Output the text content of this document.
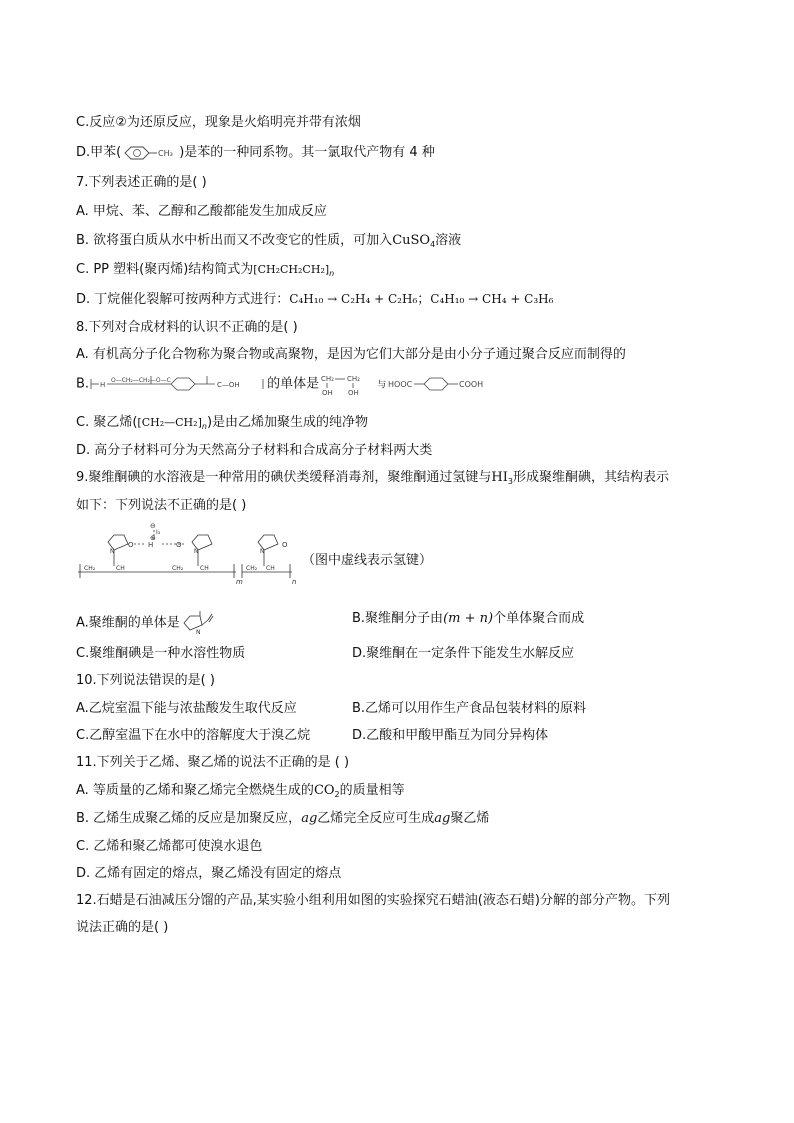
C.反应②为还原反应，现象是火焰明亮并带有浓烟
D.甲苯(	CH₃ )是苯的一种同系物。其一氯取代产物有 4 种
7.下列表述正确的是( )
A. 甲烷、苯、乙醇和乙酸都能发生加成反应
B. 欲将蛋白质从水中析出而又不改变它的性质，可加入CuSO$_4$溶液
C. PP 塑料(聚丙烯)结构简式为$[CH_2CH_2CH_2]_n$
D. 丁烷催化裂解可按两种方式进行：C₄H₁₀ → C₂H₄ + C₂H₆；C₄H₁₀ → CH₄ + C₃H₆
8.下列对合成材料的认识不正确的是( )
A. 有机高分子化合物称为聚合物或高聚物，是因为它们大部分是由小分子通过聚合反应而制得的
B. H
O—CH₂—CH₂—O—C
C—OH 的单体是 CH₂ CH₂
OH OH
与 HOOC	COOH
C. 聚乙烯$([CH_2—CH_2]_n)$是由乙烯加聚生成的纯净物
D. 高分子材料可分为天然高分子材料和合成高分子材料两大类
9.聚维酮碘的水溶液是一种常用的碘伏类缓释消毒剂，聚维酮通过氢键与$HI_3$形成聚维酮碘，其结构表示
如下：下列说法不正确的是( )
O H	O	O
N	N	N
⊖
I₃
⊕
CH₂	CH	CH₂	CH	CH₂ CH
m	n
（图中虚线表示氢键）
A.聚维酮的单体是
N
B.聚维酮分子由(m + n)个单体聚合而成
C.聚维酮碘是一种水溶性物质	D.聚维酮在一定条件下能发生水解反应
10.下列说法错误的是( )
A.乙烷室温下能与浓盐酸发生取代反应	B.乙烯可以用作生产食品包装材料的原料
C.乙醇室温下在水中的溶解度大于溴乙烷	D.乙酸和甲酸甲酯互为同分异构体
11.下列关于乙烯、聚乙烯的说法不正确的是 ( )
A. 等质量的乙烯和聚乙烯完全燃烧生成的$CO_2$的质量相等
B. 乙烯生成聚乙烯的反应是加聚反应，ag乙烯完全反应可生成ag聚乙烯
C. 乙烯和聚乙烯都可使溴水退色
D. 乙烯有固定的熔点，聚乙烯没有固定的熔点
12.石蜡是石油减压分馏的产品,某实验小组利用如图的实验探究石蜡油(液态石蜡)分解的部分产物。下列
说法正确的是( )
